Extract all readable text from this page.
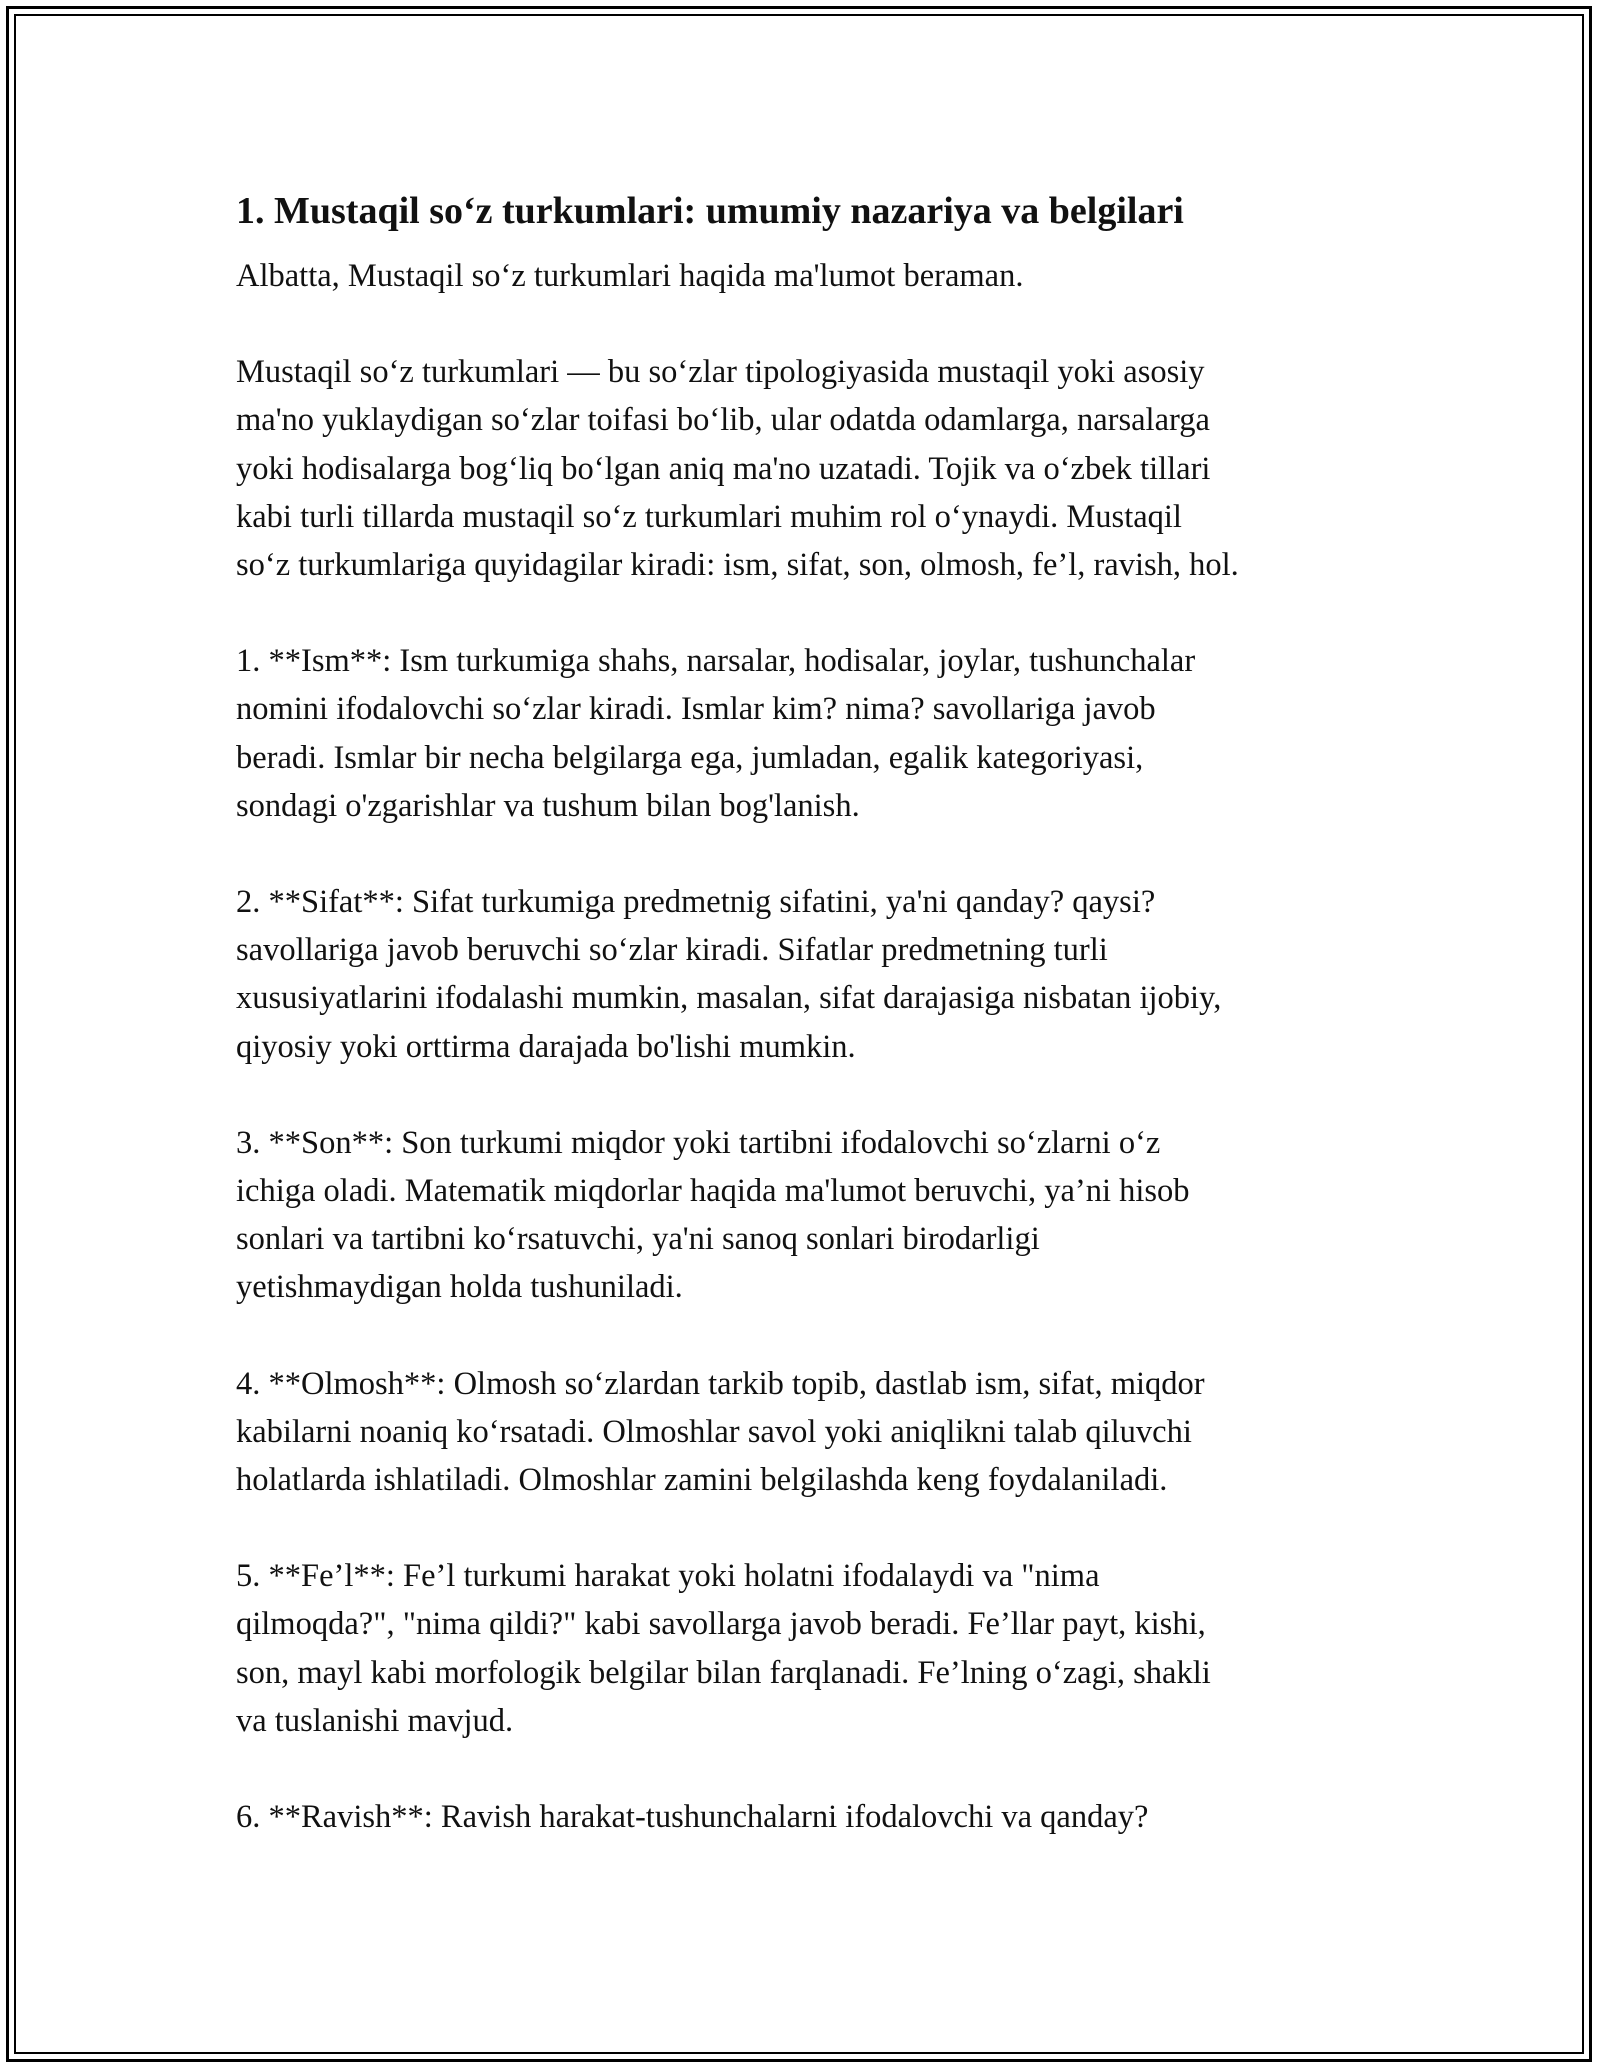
1. Mustaqil so‘z turkumlari: umumiy nazariya va belgilari
Albatta, Mustaqil so‘z turkumlari haqida ma'lumot beraman.
Mustaqil so‘z turkumlari — bu so‘zlar tipologiyasida mustaqil yoki asosiy
ma'no yuklaydigan so‘zlar toifasi bo‘lib, ular odatda odamlarga, narsalarga
yoki hodisalarga bog‘liq bo‘lgan aniq ma'no uzatadi. Tojik va o‘zbek tillari
kabi turli tillarda mustaqil so‘z turkumlari muhim rol o‘ynaydi. Mustaqil
so‘z turkumlariga quyidagilar kiradi: ism, sifat, son, olmosh, fe’l, ravish, hol.
1. **Ism**: Ism turkumiga shahs, narsalar, hodisalar, joylar, tushunchalar
nomini ifodalovchi so‘zlar kiradi. Ismlar kim? nima? savollariga javob
beradi. Ismlar bir necha belgilarga ega, jumladan, egalik kategoriyasi,
sondagi o'zgarishlar va tushum bilan bog'lanish.
2. **Sifat**: Sifat turkumiga predmetnig sifatini, ya'ni qanday? qaysi?
savollariga javob beruvchi so‘zlar kiradi. Sifatlar predmetning turli
xususiyatlarini ifodalashi mumkin, masalan, sifat darajasiga nisbatan ijobiy,
qiyosiy yoki orttirma darajada bo'lishi mumkin.
3. **Son**: Son turkumi miqdor yoki tartibni ifodalovchi so‘zlarni o‘z
ichiga oladi. Matematik miqdorlar haqida ma'lumot beruvchi, ya’ni hisob
sonlari va tartibni ko‘rsatuvchi, ya'ni sanoq sonlari birodarligi
yetishmaydigan holda tushuniladi.
4. **Olmosh**: Olmosh so‘zlardan tarkib topib, dastlab ism, sifat, miqdor
kabilarni noaniq ko‘rsatadi. Olmoshlar savol yoki aniqlikni talab qiluvchi
holatlarda ishlatiladi. Olmoshlar zamini belgilashda keng foydalaniladi.
5. **Fe’l**: Fe’l turkumi harakat yoki holatni ifodalaydi va "nima
qilmoqda?", "nima qildi?" kabi savollarga javob beradi. Fe’llar payt, kishi,
son, mayl kabi morfologik belgilar bilan farqlanadi. Fe’lning o‘zagi, shakli
va tuslanishi mavjud.
6. **Ravish**: Ravish harakat-tushunchalarni ifodalovchi va qanday?
